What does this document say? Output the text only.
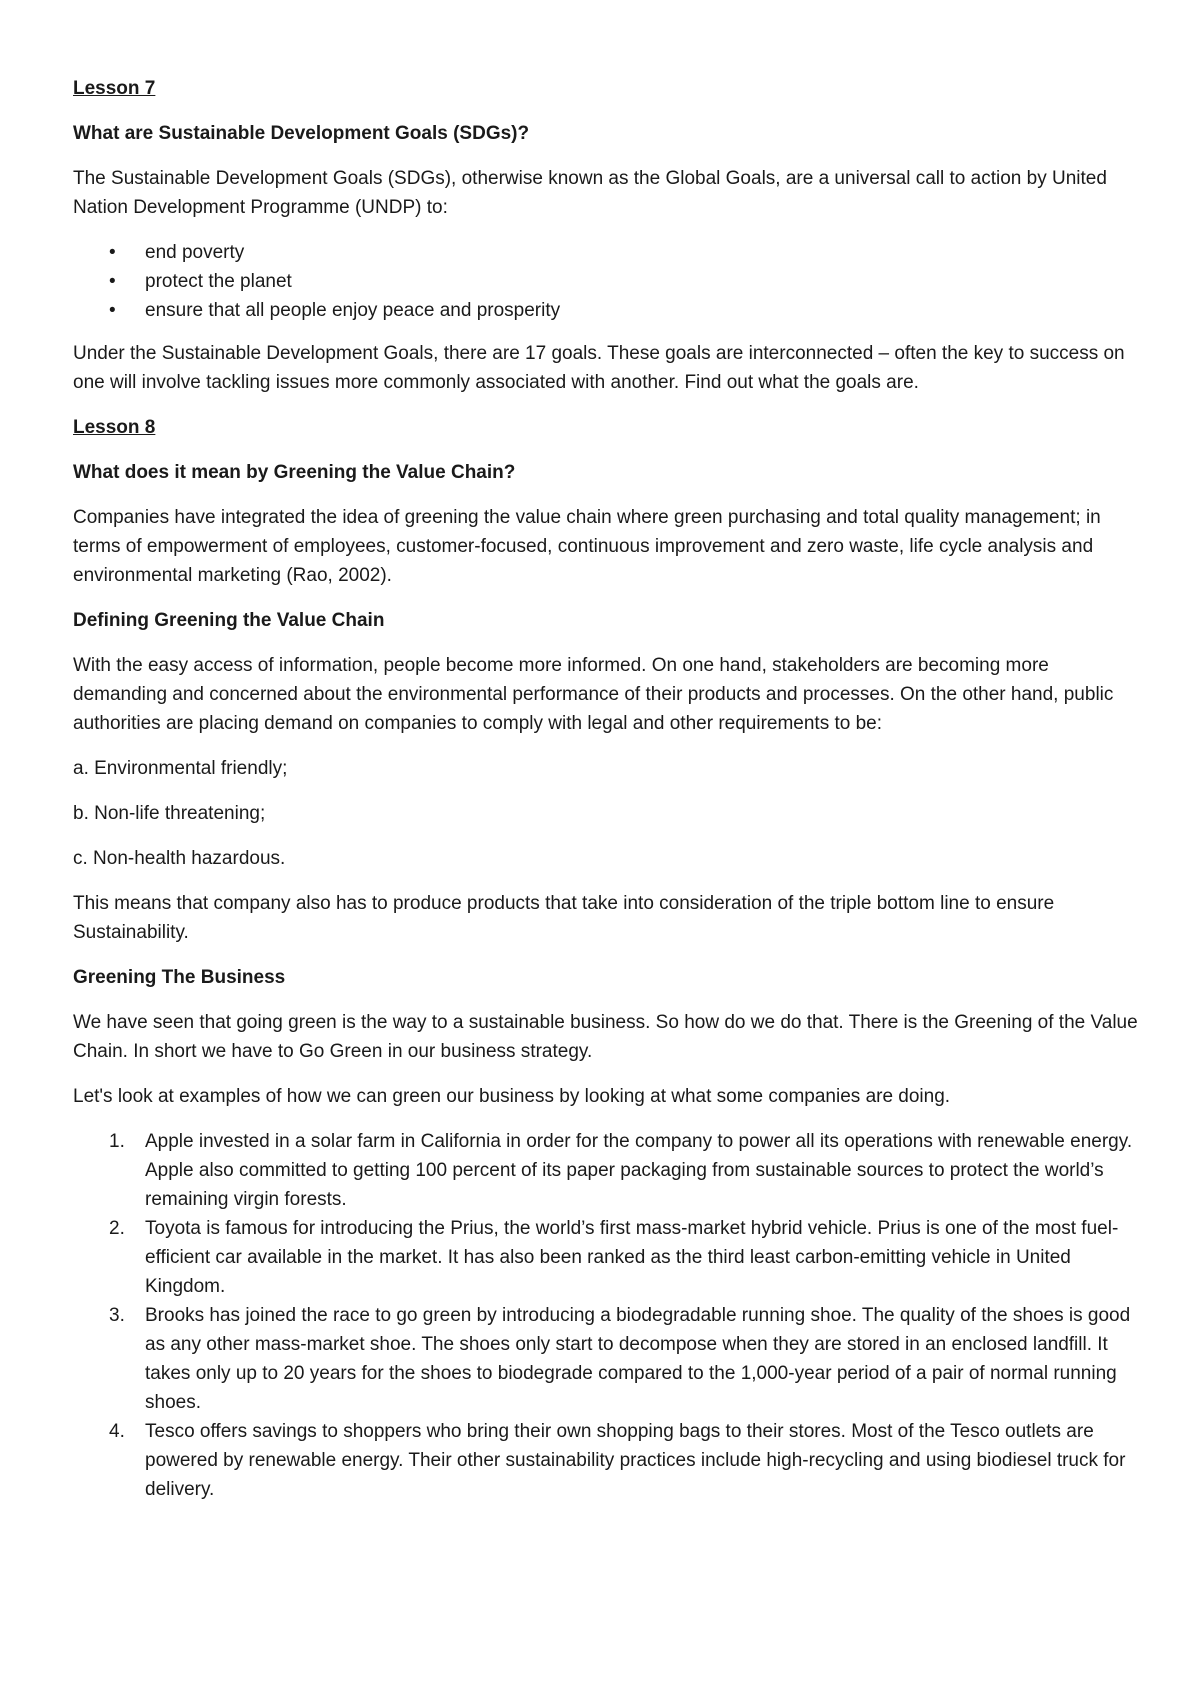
Lesson 7
What are Sustainable Development Goals (SDGs)?

The Sustainable Development Goals (SDGs), otherwise known as the Global Goals, are a universal call to action by United Nation Development Programme (UNDP) to:

• end poverty
• protect the planet
• ensure that all people enjoy peace and prosperity

Under the Sustainable Development Goals, there are 17 goals. These goals are interconnected – often the key to success on one will involve tackling issues more commonly associated with another. Find out what the goals are.

Lesson 8
What does it mean by Greening the Value Chain?

Companies have integrated the idea of greening the value chain where green purchasing and total quality management; in terms of empowerment of employees, customer-focused, continuous improvement and zero waste, life cycle analysis and environmental marketing (Rao, 2002).

Defining Greening the Value Chain

With the easy access of information, people become more informed. On one hand, stakeholders are becoming more demanding and concerned about the environmental performance of their products and processes. On the other hand, public authorities are placing demand on companies to comply with legal and other requirements to be:

a. Environmental friendly;

b. Non-life threatening;

c. Non-health hazardous.

This means that company also has to produce products that take into consideration of the triple bottom line to ensure Sustainability.

Greening The Business

We have seen that going green is the way to a sustainable business. So how do we do that. There is the Greening of the Value Chain. In short we have to Go Green in our business strategy.

Let's look at examples of how we can green our business by looking at what some companies are doing.

1. Apple invested in a solar farm in California in order for the company to power all its operations with renewable energy.
Apple also committed to getting 100 percent of its paper packaging from sustainable sources to protect the world’s remaining virgin forests.
2. Toyota is famous for introducing the Prius, the world’s first mass-market hybrid vehicle. Prius is one of the most fuel-efficient car available in the market. It has also been ranked as the third least carbon-emitting vehicle in United Kingdom.
3. Brooks has joined the race to go green by introducing a biodegradable running shoe. The quality of the shoes is good as any other mass-market shoe. The shoes only start to decompose when they are stored in an enclosed landfill. It takes only up to 20 years for the shoes to biodegrade compared to the 1,000-year period of a pair of normal running shoes.
4. Tesco offers savings to shoppers who bring their own shopping bags to their stores. Most of the Tesco outlets are powered by renewable energy. Their other sustainability practices include high-recycling and using biodiesel truck for delivery.
